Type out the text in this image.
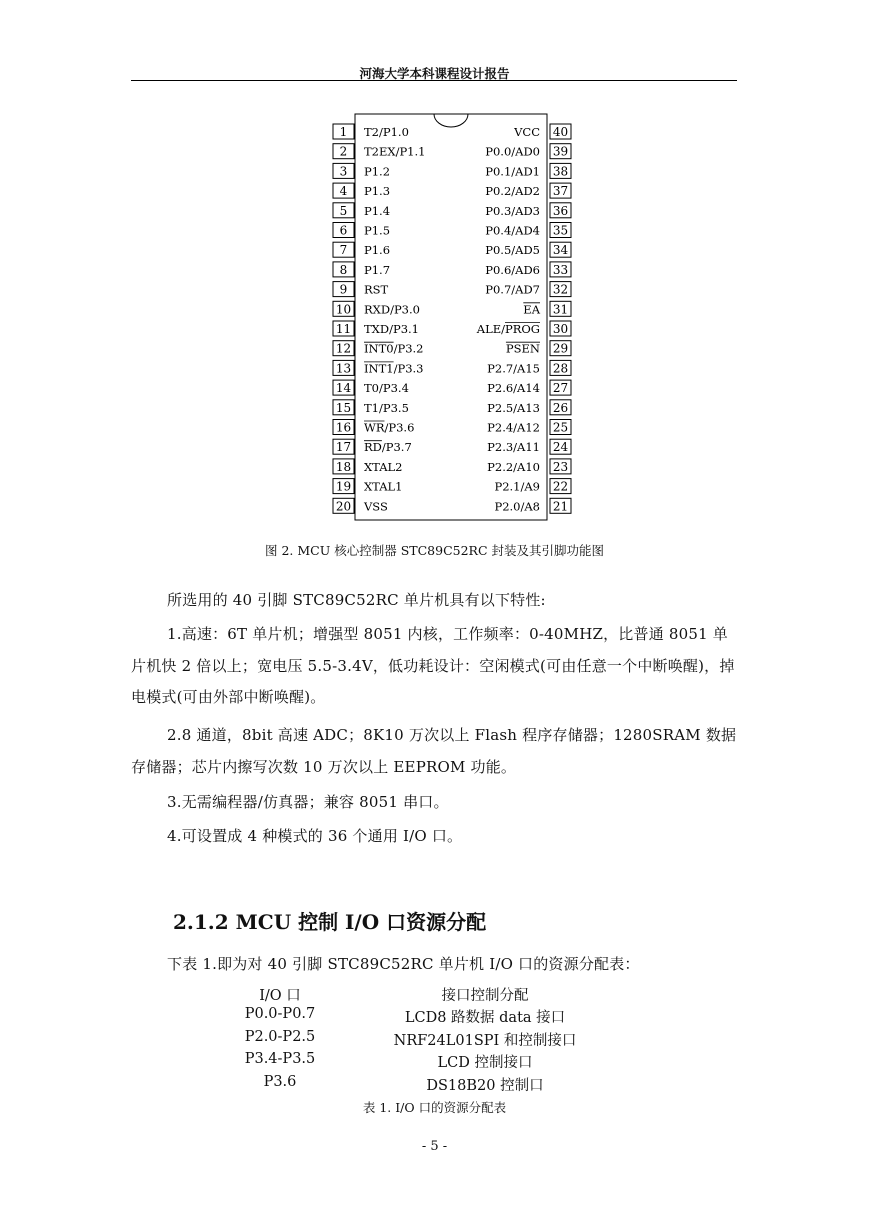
河海大学本科课程设计报告
1 T2/P1.0
2 T2EX/P1.1
3 P1.2
4 P1.3
5 P1.4
6 P1.5
7 P1.6
8 P1.7
9 RST
10 RXD/P3.0
11 TXD/P3.1
12 INT0/P3.2
13 INT1/P3.3
14 T0/P3.4
15 T1/P3.5
16 WR/P3.6
17 RD/P3.7
18 XTAL2
19 XTAL1
20 VSS
40
VCC
39
P0.0/AD0
38
P0.1/AD1
37
P0.2/AD2
36
P0.3/AD3
35
P0.4/AD4
34
P0.5/AD5
33
P0.6/AD6
32
P0.7/AD7
31
EA
30
ALE/PROG
29
PSEN
28
P2.7/A15
27
P2.6/A14
26
P2.5/A13
25
P2.4/A12
24
P2.3/A11
23
P2.2/A10
22
P2.1/A9
21
P2.0/A8
图 2. MCU 核心控制器 STC89C52RC 封装及其引脚功能图
所选用的 40 引脚 STC89C52RC 单片机具有以下特性:
1.高速：6T 单片机；增强型 8051 内核，工作频率：0-40MHZ，比普通 8051 单片机快 2 倍以上；宽电压 5.5-3.4V，低功耗设计：空闲模式(可由任意一个中断唤醒)，掉电模式(可由外部中断唤醒)。
2.8 通道，8bit 高速 ADC；8K10 万次以上 Flash 程序存储器；1280SRAM 数据存储器；芯片内擦写次数 10 万次以上 EEPROM 功能。
3.无需编程器/仿真器；兼容 8051 串口。
4.可设置成 4 种模式的 36 个通用 I/O 口。
2.1.2 MCU 控制 I/O 口资源分配
下表 1.即为对 40 引脚 STC89C52RC 单片机 I/O 口的资源分配表：
I/O 口	接口控制分配
P0.0-P0.7	LCD8 路数据 data 接口
P2.0-P2.5	NRF24L01SPI 和控制接口
P3.4-P3.5	LCD 控制接口
P3.6	DS18B20 控制口
表 1. I/O 口的资源分配表
- 5 -
